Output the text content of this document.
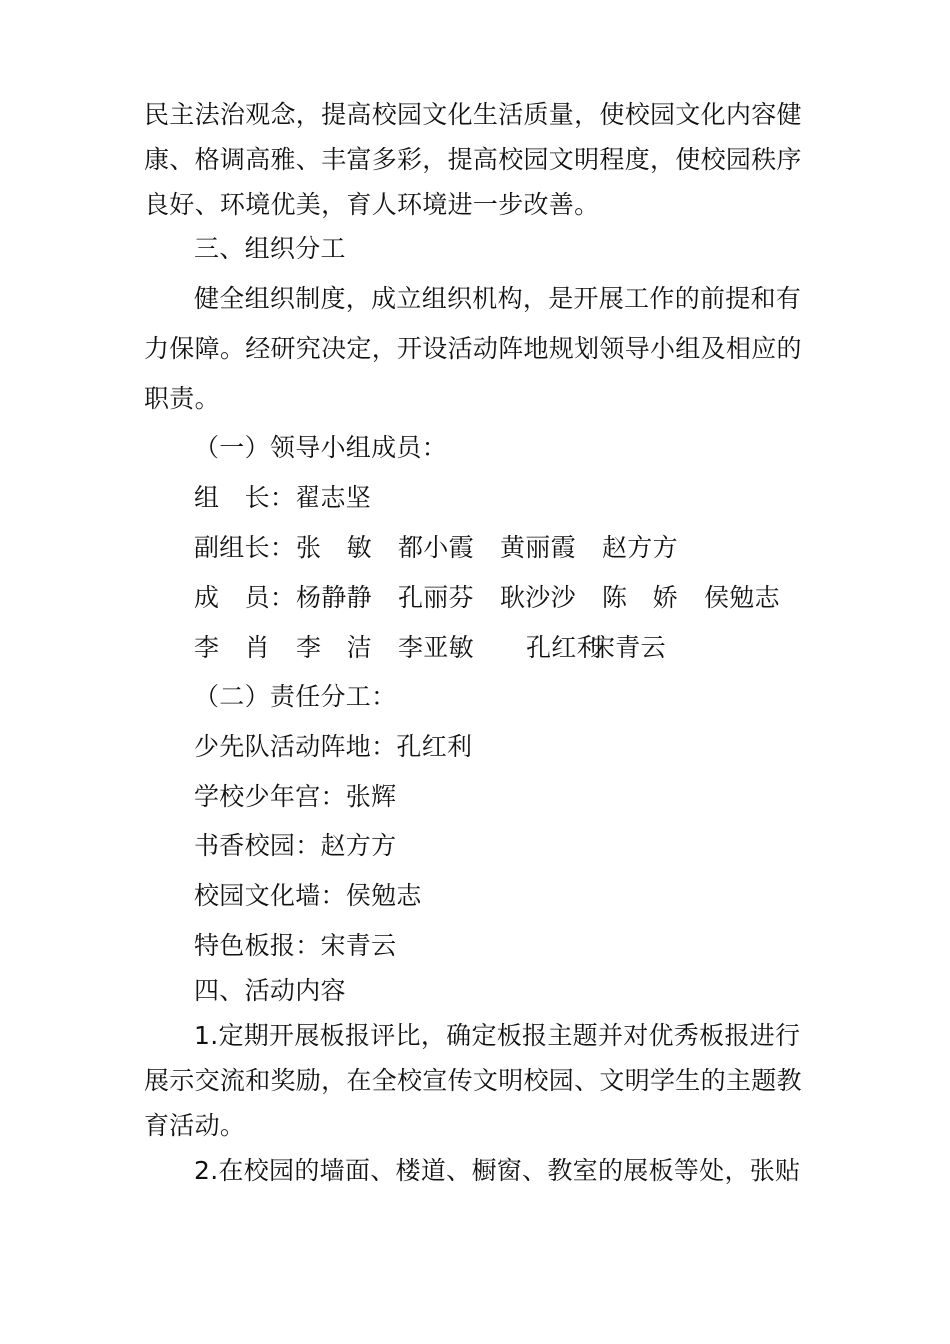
民主法治观念，提高校园文化生活质量，使校园文化内容健

康、格调高雅、丰富多彩，提高校园文明程度，使校园秩序

良好、环境优美，育人环境进一步改善。

三、组织分工

健全组织制度，成立组织机构，是开展工作的前提和有

力保障。经研究决定，开设活动阵地规划领导小组及相应的

职责。

（一）领导小组成员：

组　长：翟志坚

副组长： 张　敏 都小霞 黄丽霞 赵方方

成　员： 杨静静 孔丽芬 耿沙沙 陈　娇 侯勉志

李　肖 李　洁 李亚敏 孔红利
宋青云

（二）责任分工：

少先队活动阵地：孔红利

学校少年宫：张辉

书香校园：赵方方

校园文化墙：侯勉志

特色板报：宋青云

四、活动内容

1.定期开展板报评比，确定板报主题并对优秀板报进行

展示交流和奖励，在全校宣传文明校园、文明学生的主题教

育活动。

2.在校园的墙面、楼道、橱窗、教室的展板等处，张贴
